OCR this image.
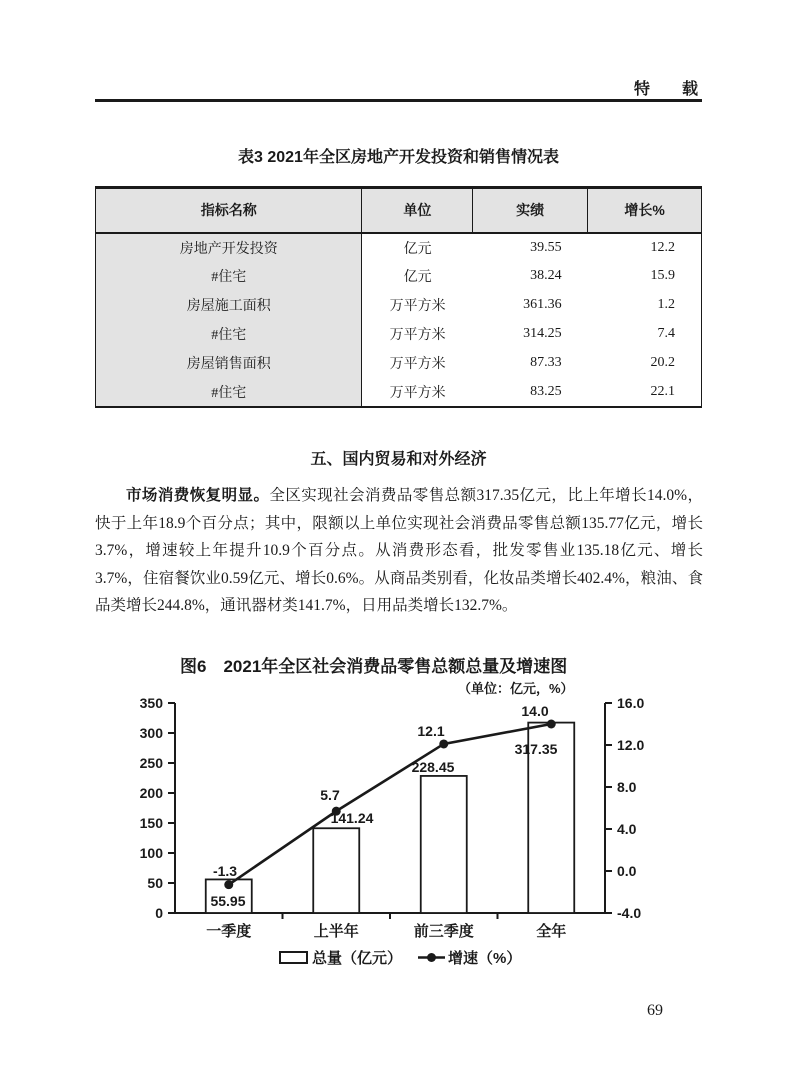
特　　载
表3 2021年全区房地产开发投资和销售情况表
指标名称	单位	实绩	增长%
房地产开发投资	亿元	39.55	12.2
#住宅	亿元	38.24	15.9
房屋施工面积	万平方米	361.36	1.2
#住宅	万平方米	314.25	7.4
房屋销售面积	万平方米	87.33	20.2
#住宅	万平方米	83.25	22.1
五、国内贸易和对外经济

市场消费恢复明显。全区实现社会消费品零售总额317.35亿元，比上年增长14.0%，快于上年18.9个百分点；其中，限额以上单位实现社会消费品零售总额135.77亿元，增长3.7%，增速较上年提升10.9个百分点。从消费形态看，批发零售业135.18亿元、增长3.7%，住宿餐饮业0.59亿元、增长0.6%。从商品类别看，化妆品类增长402.4%，粮油、食品类增长244.8%，通讯器材类141.7%，日用品类增长132.7%。

图6　2021年全区社会消费品零售总额总量及增速图
（单位：亿元，%）
0
50
100
150
200
250
300
350
-4.0
0.0
4.0
8.0
12.0
16.0
-1.3
5.7
12.1
14.0
55.95
141.24
228.45
317.35
一季度	上半年	前三季度	全年
总量（亿元）	增速（%）
69
